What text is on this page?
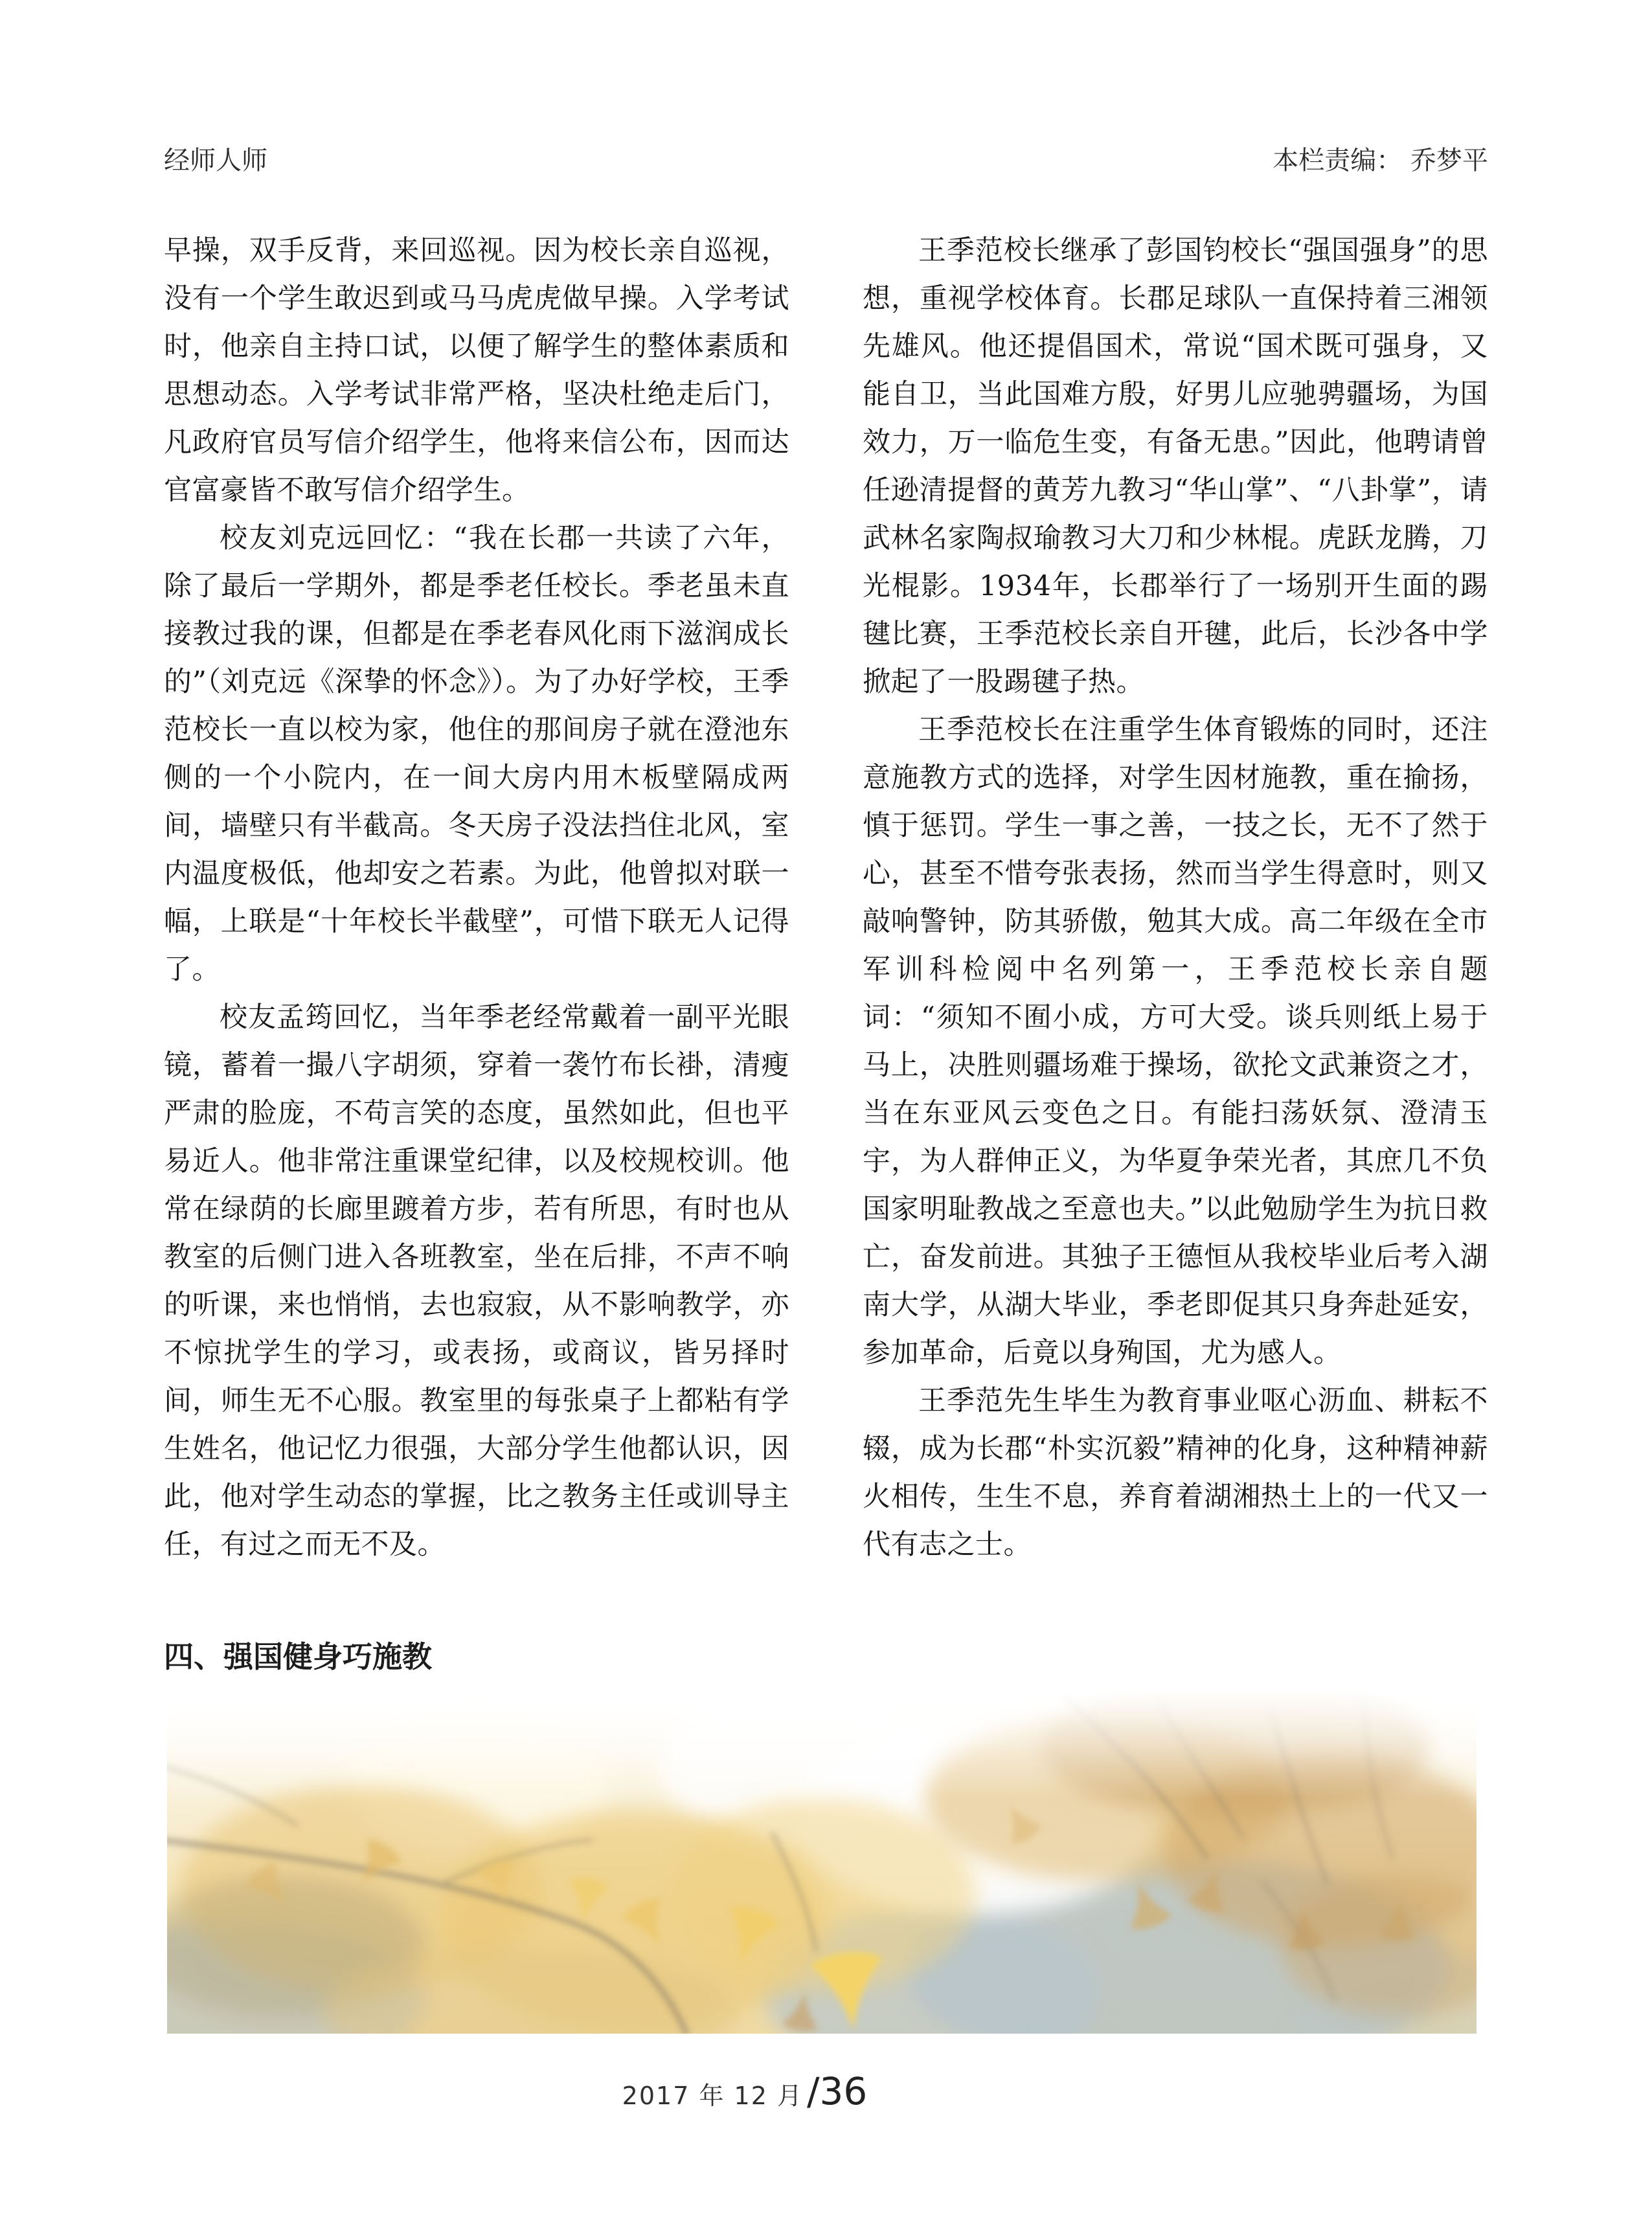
经师人师	本栏责编： 乔梦平

早操，双手反背，来回巡视。因为校长亲自巡视，没有一个学生敢迟到或马马虎虎做早操。入学考试时，他亲自主持口试，以便了解学生的整体素质和思想动态。入学考试非常严格，坚决杜绝走后门，凡政府官员写信介绍学生，他将来信公布，因而达官富豪皆不敢写信介绍学生。

校友刘克远回忆：“我在长郡一共读了六年，除了最后一学期外，都是季老任校长。季老虽未直接教过我的课，但都是在季老春风化雨下滋润成长的”（刘克远《深挚的怀念》）。为了办好学校，王季范校长一直以校为家，他住的那间房子就在澄池东侧的一个小院内，在一间大房内用木板壁隔成两间，墙壁只有半截高。冬天房子没法挡住北风，室内温度极低，他却安之若素。为此，他曾拟对联一幅，上联是“十年校长半截壁”，可惜下联无人记得了。

校友孟筠回忆，当年季老经常戴着一副平光眼镜，蓄着一撮八字胡须，穿着一袭竹布长褂，清瘦严肃的脸庞，不苟言笑的态度，虽然如此，但也平易近人。他非常注重课堂纪律，以及校规校训。他常在绿荫的长廊里踱着方步，若有所思，有时也从教室的后侧门进入各班教室，坐在后排，不声不响的听课，来也悄悄，去也寂寂，从不影响教学，亦不惊扰学生的学习，或表扬，或商议，皆另择时间，师生无不心服。教室里的每张桌子上都粘有学生姓名，他记忆力很强，大部分学生他都认识，因此，他对学生动态的掌握，比之教务主任或训导主任，有过之而无不及。

王季范校长继承了彭国钧校长“强国强身”的思想，重视学校体育。长郡足球队一直保持着三湘领先雄风。他还提倡国术，常说“国术既可强身，又能自卫，当此国难方殷，好男儿应驰骋疆场，为国效力，万一临危生变，有备无患。”因此，他聘请曾任逊清提督的黄芳九教习“华山掌”、“八卦掌”，请武林名家陶叔瑜教习大刀和少林棍。虎跃龙腾，刀光棍影。1934年，长郡举行了一场别开生面的踢毽比赛，王季范校长亲自开毽，此后，长沙各中学掀起了一股踢毽子热。

王季范校长在注重学生体育锻炼的同时，还注意施教方式的选择，对学生因材施教，重在揄扬，慎于惩罚。学生一事之善，一技之长，无不了然于心，甚至不惜夸张表扬，然而当学生得意时，则又敲响警钟，防其骄傲，勉其大成。高二年级在全市军训科检阅中名列第一，王季范校长亲自题词：“须知不囿小成，方可大受。谈兵则纸上易于马上，决胜则疆场难于操场，欲抡文武兼资之才，当在东亚风云变色之日。有能扫荡妖氛、澄清玉宇，为人群伸正义，为华夏争荣光者，其庶几不负国家明耻教战之至意也夫。”以此勉励学生为抗日救亡，奋发前进。其独子王德恒从我校毕业后考入湖南大学，从湖大毕业，季老即促其只身奔赴延安，参加革命，后竟以身殉国，尤为感人。

王季范先生毕生为教育事业呕心沥血、耕耘不辍，成为长郡“朴实沉毅”精神的化身，这种精神薪火相传，生生不息，养育着湖湘热土上的一代又一代有志之士。

四、强国健身巧施教
2017 年 12 月 /36
